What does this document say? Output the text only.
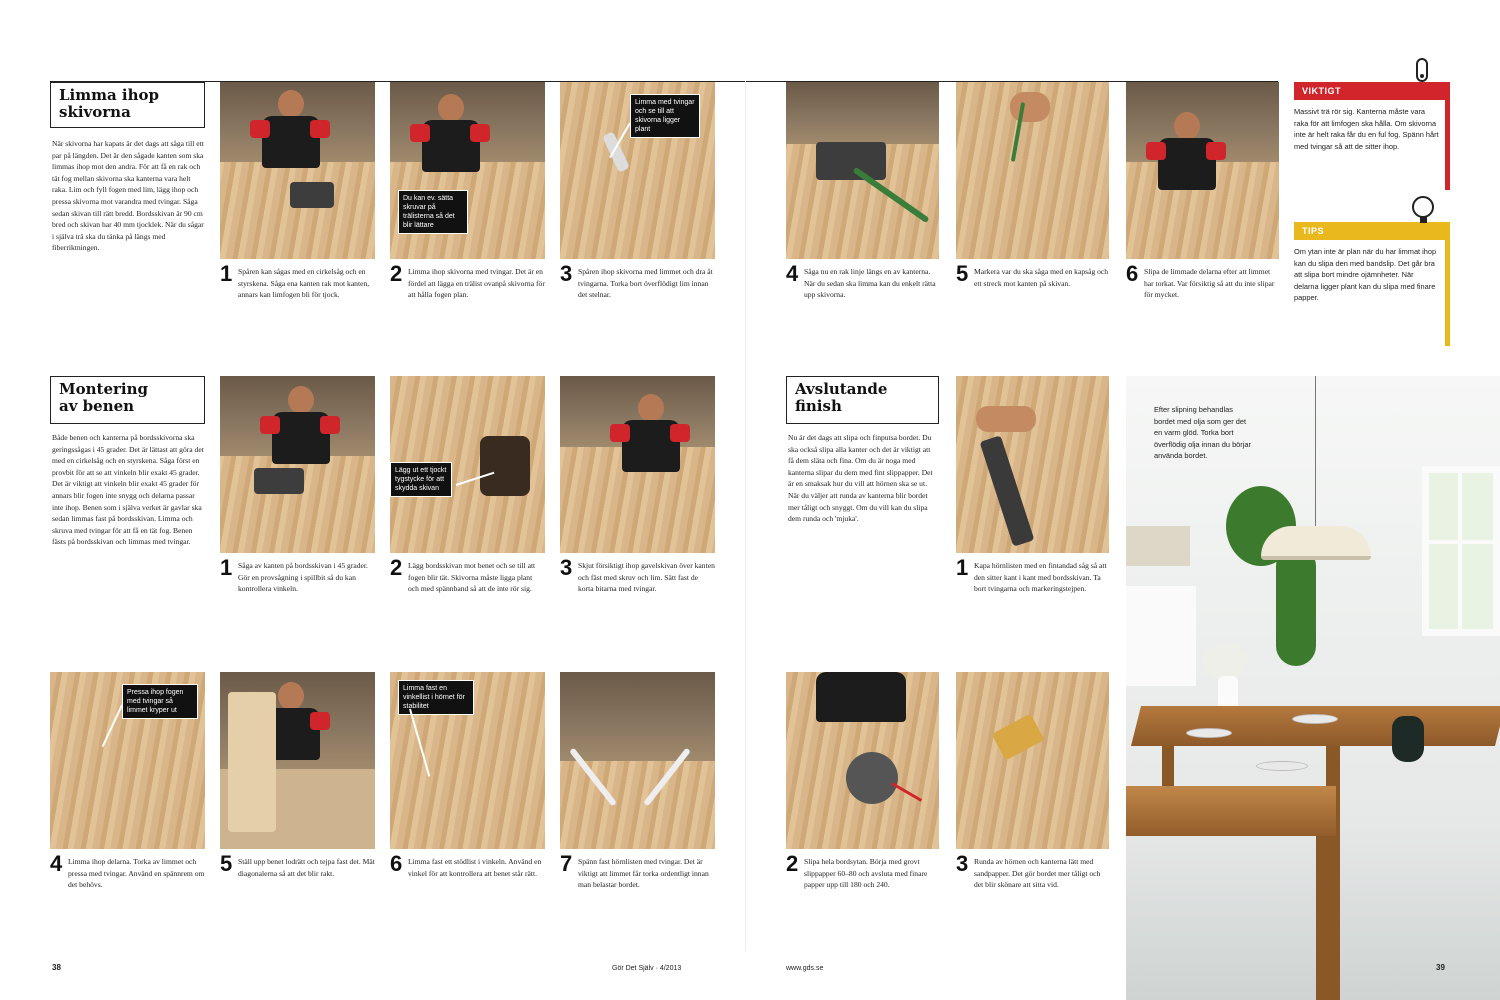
Limma ihop
skivorna
När skivorna har kapats är det dags att såga till ett par på längden. Det är den sågade kanten som ska limmas ihop mot den andra. För att få en rak och tät fog mellan skivorna ska kanterna vara helt raka. Lim och fyll fogen med lim, lägg ihop och pressa skivorna mot varandra med tvingar. Såga sedan skivan till rätt bredd. Bordsskivan är 90 cm bred och skivan har 40 mm tjocklek. När du sågar i själva trä ska du tänka på längs med fiberriktningen.
Du kan ev. sätta skruvar på trälisterna så det blir lättare
Limma med tvingar och se till att skivorna ligger plant
1 Spåren kan sågas med en cirkelsåg och en styrskena. Såga ena kanten rak mot kanten, annars kan limfogen bli för tjock.
2 Limma ihop skivorna med tvingar. Det är en fördel att lägga en trälist ovanpå skivorna för att hålla fogen plan.
3 Spåren ihop skivorna med limmet och dra åt tvingarna. Torka bort överflödigt lim innan det stelnar.
4 Såga nu en rak linje längs en av kanterna. När du sedan ska limma kan du enkelt rätta upp skivorna.
5 Markera var du ska såga med en kapsåg och ett streck mot kanten på skivan.	6 Slipa de limmade delarna efter att limmet har torkat. Var försiktig så att du inte slipar för mycket.
VIKTIGT
Massivt trä rör sig. Kanterna måste vara raka för att limfogen ska hålla. Om skivorna inte är helt raka får du en ful fog. Spänn hårt med tvingar så att de sitter ihop.
TIPS
Om ytan inte är plan när du har limmat ihop kan du slipa den med bandslip. Det går bra att slipa bort mindre ojämnheter. När delarna ligger plant kan du slipa med finare papper.
Montering
av benen
Både benen och kanterna på bordsskivorna ska geringssågas i 45 grader. Det är lättast att göra det med en cirkelsåg och en styrskena. Såga först en provbit för att se att vinkeln blir exakt 45 grader. Det är viktigt att vinkeln blir exakt 45 grader för annars blir fogen inte snygg och delarna passar inte ihop. Benen som i själva verket är gavlar ska sedan limmas fast på bordsskivan. Limma och skruva med tvingar för att få en tät fog. Benen fästs på bordsskivan och limmas med tvingar.
Lägg ut ett tjockt tygstycke för att skydda skivan
1 Såga av kanten på bordsskivan i 45 grader. Gör en provsågning i spillbit så du kan kontrollera vinkeln.
2 Lägg bordsskivan mot benet och se till att fogen blir tät. Skivorna måste ligga plant och med spännband så att de inte rör sig.
3 Skjut försiktigt ihop gavelskivan över kanten och fäst med skruv och lim. Sätt fast de korta bitarna med tvingar.
Pressa ihop fogen med tvingar så limmet kryper ut
Limma fast en vinkellist i hörnet för stabilitet
4 Limma ihop delarna. Torka av limmet och pressa med tvingar. Använd en spännrem om det behövs.
5 Ställ upp benet lodrätt och tejpa fast det. Mät diagonalerna så att det blir rakt.	6 Limma fast ett stödlist i vinkeln. Använd en vinkel för att kontrollera att benet står rätt.	7 Spänn fast hörnlisten med tvingar. Det är viktigt att limmet får torka ordentligt innan man belastar bordet.
Avslutande
finish
Nu är det dags att slipa och finputsa bordet. Du ska också slipa alla kanter och det är viktigt att få dem släta och fina. Om du är noga med kanterna slipar du dem med fint slippapper. Det är en smaksak hur du vill att hörnen ska se ut. När du väljer att runda av kanterna blir bordet mer tåligt och snyggt. Om du vill kan du slipa dem runda och 'mjuka'.
1 Kapa hörnlisten med en fintandad såg så att den sitter kant i kant med bordsskivan. Ta bort tvingarna och markeringstejpen.
2 Slipa hela bordsytan. Börja med grovt slippapper 60–80 och avsluta med finare papper upp till 180 och 240.
3 Runda av hörnen och kanterna lätt med sandpapper. Det gör bordet mer tåligt och det blir skönare att sitta vid.
Efter slipning behandlas bordet med olja som ger det en varm glöd. Torka bort överflödig olja innan du börjar använda bordet.
38	Gör Det Själv · 4/2013	www.gds.se	39
